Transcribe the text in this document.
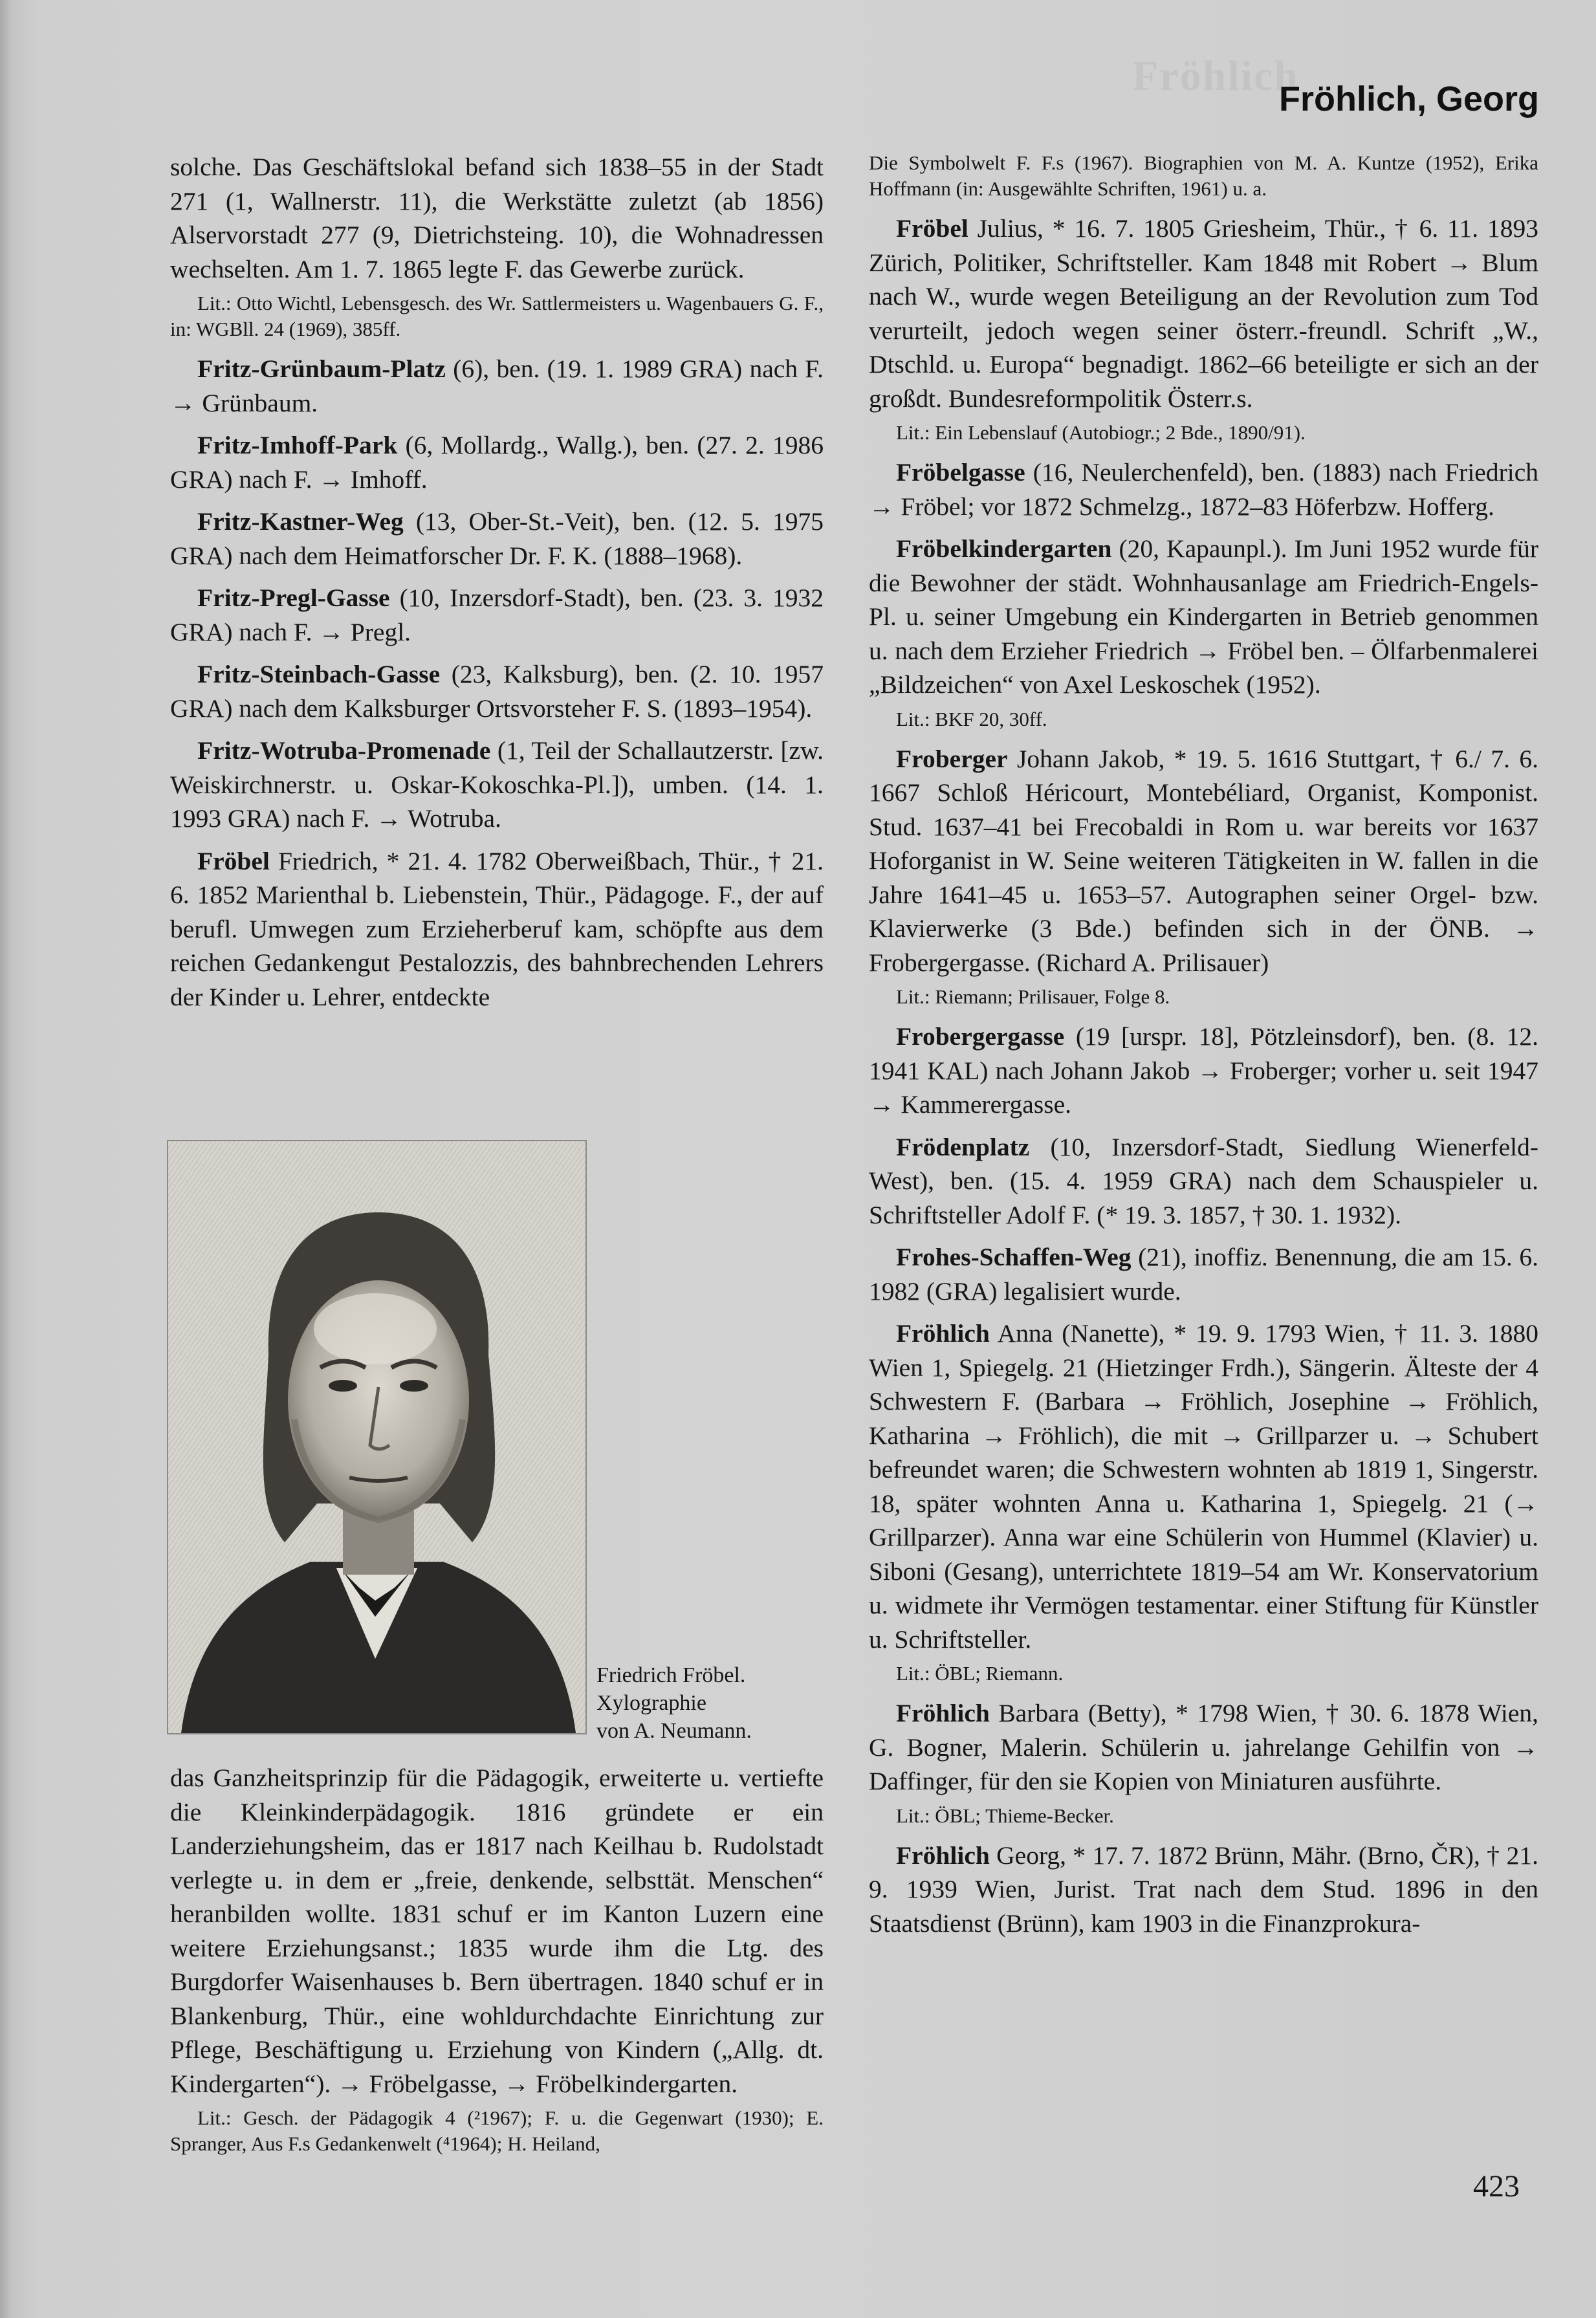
Fröhlich
Fröhlich, Georg

solche. Das Geschäftslokal befand sich 1838–55 in der Stadt 271 (1, Wallnerstr. 11), die Werkstätte zuletzt (ab 1856) Alservorstadt 277 (9, Dietrichsteing. 10), die Wohnadressen wechselten. Am 1. 7. 1865 legte F. das Gewerbe zurück.

Lit.: Otto Wichtl, Lebensgesch. des Wr. Sattlermeisters u. Wagenbauers G. F., in: WGBll. 24 (1969), 385ff.

Fritz-Grünbaum-Platz (6), ben. (19. 1. 1989 GRA) nach F. → Grünbaum.

Fritz-Imhoff-Park (6, Mollardg., Wallg.), ben. (27. 2. 1986 GRA) nach F. → Imhoff.

Fritz-Kastner-Weg (13, Ober-St.-Veit), ben. (12. 5. 1975 GRA) nach dem Heimatforscher Dr. F. K. (1888–1968).

Fritz-Pregl-Gasse (10, Inzersdorf-Stadt), ben. (23. 3. 1932 GRA) nach F. → Pregl.

Fritz-Steinbach-Gasse (23, Kalksburg), ben. (2. 10. 1957 GRA) nach dem Kalksburger Ortsvorsteher F. S. (1893–1954).

Fritz-Wotruba-Promenade (1, Teil der Schallautzerstr. [zw. Weiskirchnerstr. u. Oskar-Kokoschka-Pl.]), umben. (14. 1. 1993 GRA) nach F. → Wotruba.

Fröbel Friedrich, * 21. 4. 1782 Oberweißbach, Thür., † 21. 6. 1852 Marienthal b. Liebenstein, Thür., Pädagoge. F., der auf berufl. Umwegen zum Erzieherberuf kam, schöpfte aus dem reichen Gedankengut Pestalozzis, des bahnbrechenden Lehrers der Kinder u. Lehrer, entdeckte

Friedrich Fröbel.
Xylographie
von A. Neumann.

das Ganzheitsprinzip für die Pädagogik, erweiterte u. vertiefte die Kleinkinderpädagogik. 1816 gründete er ein Landerziehungsheim, das er 1817 nach Keilhau b. Rudolstadt verlegte u. in dem er „freie, denkende, selbsttät. Menschen“ heranbilden wollte. 1831 schuf er im Kanton Luzern eine weitere Erziehungsanst.; 1835 wurde ihm die Ltg. des Burgdorfer Waisenhauses b. Bern übertragen. 1840 schuf er in Blankenburg, Thür., eine wohldurchdachte Einrichtung zur Pflege, Beschäftigung u. Erziehung von Kindern („Allg. dt. Kindergarten“). → Fröbelgasse, → Fröbelkindergarten.

Lit.: Gesch. der Pädagogik 4 (²1967); F. u. die Gegenwart (1930); E. Spranger, Aus F.s Gedankenwelt (⁴1964); H. Heiland,

Die Symbolwelt F. F.s (1967). Biographien von M. A. Kuntze (1952), Erika Hoffmann (in: Ausgewählte Schriften, 1961) u. a.

Fröbel Julius, * 16. 7. 1805 Griesheim, Thür., † 6. 11. 1893 Zürich, Politiker, Schriftsteller. Kam 1848 mit Robert → Blum nach W., wurde wegen Beteiligung an der Revolution zum Tod verurteilt, jedoch wegen seiner österr.-freundl. Schrift „W., Dtschld. u. Europa“ begnadigt. 1862–66 beteiligte er sich an der großdt. Bundesreformpolitik Österr.s.

Lit.: Ein Lebenslauf (Autobiogr.; 2 Bde., 1890/91).

Fröbelgasse (16, Neulerchenfeld), ben. (1883) nach Friedrich → Fröbel; vor 1872 Schmelzg., 1872–83 Höferbzw. Hofferg.

Fröbelkindergarten (20, Kapaunpl.). Im Juni 1952 wurde für die Bewohner der städt. Wohnhausanlage am Friedrich-Engels-Pl. u. seiner Umgebung ein Kindergarten in Betrieb genommen u. nach dem Erzieher Friedrich → Fröbel ben. – Ölfarbenmalerei „Bildzeichen“ von Axel Leskoschek (1952).

Lit.: BKF 20, 30ff.

Froberger Johann Jakob, * 19. 5. 1616 Stuttgart, † 6./ 7. 6. 1667 Schloß Héricourt, Montebéliard, Organist, Komponist. Stud. 1637–41 bei Frecobaldi in Rom u. war bereits vor 1637 Hoforganist in W. Seine weiteren Tätigkeiten in W. fallen in die Jahre 1641–45 u. 1653–57. Autographen seiner Orgel- bzw. Klavierwerke (3 Bde.) befinden sich in der ÖNB. → Frobergergasse. (Richard A. Prilisauer)

Lit.: Riemann; Prilisauer, Folge 8.

Frobergergasse (19 [urspr. 18], Pötzleinsdorf), ben. (8. 12. 1941 KAL) nach Johann Jakob → Froberger; vorher u. seit 1947 → Kammerergasse.

Frödenplatz (10, Inzersdorf-Stadt, Siedlung Wienerfeld-West), ben. (15. 4. 1959 GRA) nach dem Schauspieler u. Schriftsteller Adolf F. (* 19. 3. 1857, † 30. 1. 1932).

Frohes-Schaffen-Weg (21), inoffiz. Benennung, die am 15. 6. 1982 (GRA) legalisiert wurde.

Fröhlich Anna (Nanette), * 19. 9. 1793 Wien, † 11. 3. 1880 Wien 1, Spiegelg. 21 (Hietzinger Frdh.), Sängerin. Älteste der 4 Schwestern F. (Barbara → Fröhlich, Josephine → Fröhlich, Katharina → Fröhlich), die mit → Grillparzer u. → Schubert befreundet waren; die Schwestern wohnten ab 1819 1, Singerstr. 18, später wohnten Anna u. Katharina 1, Spiegelg. 21 (→ Grillparzer). Anna war eine Schülerin von Hummel (Klavier) u. Siboni (Gesang), unterrichtete 1819–54 am Wr. Konservatorium u. widmete ihr Vermögen testamentar. einer Stiftung für Künstler u. Schriftsteller.

Lit.: ÖBL; Riemann.

Fröhlich Barbara (Betty), * 1798 Wien, † 30. 6. 1878 Wien, G. Bogner, Malerin. Schülerin u. jahrelange Gehilfin von → Daffinger, für den sie Kopien von Miniaturen ausführte.

Lit.: ÖBL; Thieme-Becker.

Fröhlich Georg, * 17. 7. 1872 Brünn, Mähr. (Brno, ČR), † 21. 9. 1939 Wien, Jurist. Trat nach dem Stud. 1896 in den Staatsdienst (Brünn), kam 1903 in die Finanzprokura-

423
